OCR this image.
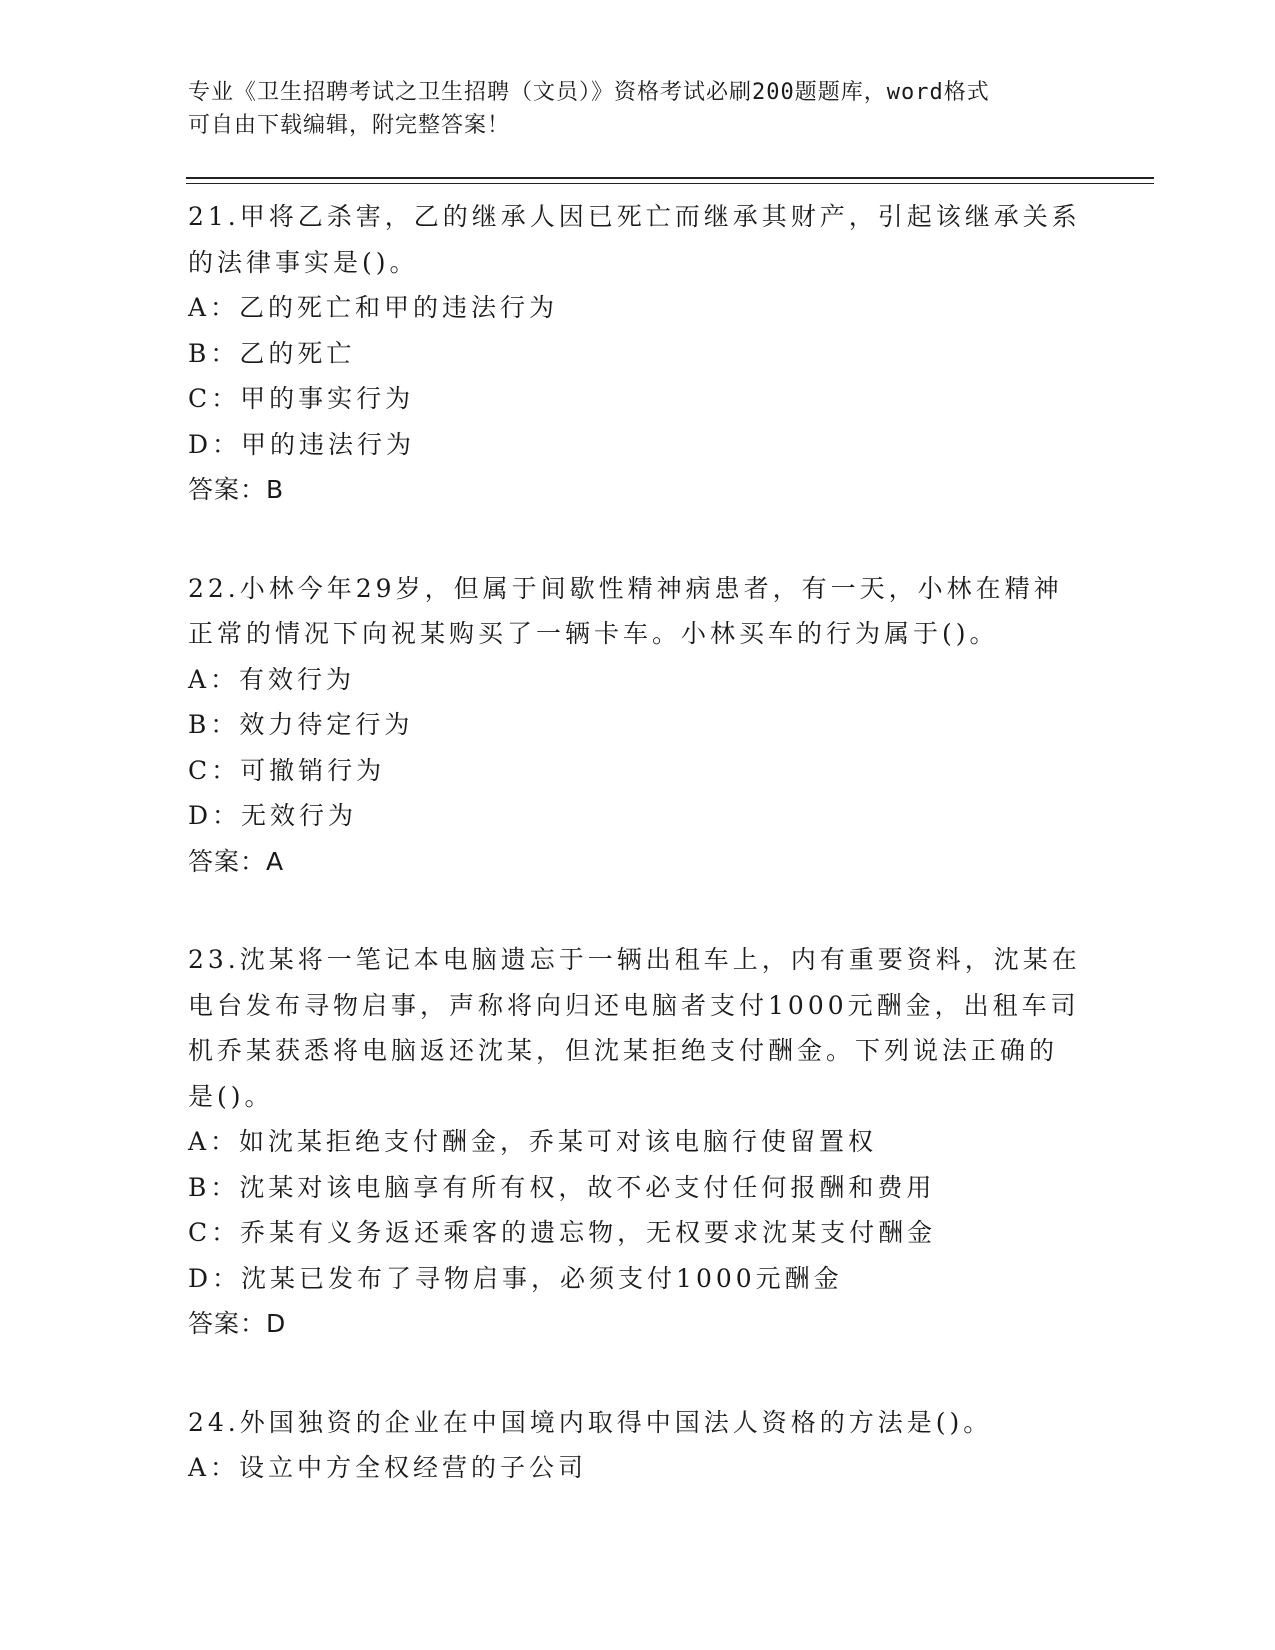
专业《卫生招聘考试之卫生招聘（文员）》资格考试必刷200题题库，word格式
可自由下载编辑，附完整答案！
21.甲将乙杀害，乙的继承人因已死亡而继承其财产，引起该继承关系
的法律事实是()。
A：乙的死亡和甲的违法行为
B：乙的死亡
C：甲的事实行为
D：甲的违法行为
答案：B
22.小林今年29岁，但属于间歇性精神病患者，有一天，小林在精神
正常的情况下向祝某购买了一辆卡车。小林买车的行为属于()。
A：有效行为
B：效力待定行为
C：可撤销行为
D：无效行为
答案：A
23.沈某将一笔记本电脑遗忘于一辆出租车上，内有重要资料，沈某在
电台发布寻物启事，声称将向归还电脑者支付1000元酬金，出租车司
机乔某获悉将电脑返还沈某，但沈某拒绝支付酬金。下列说法正确的
是()。
A：如沈某拒绝支付酬金，乔某可对该电脑行使留置权
B：沈某对该电脑享有所有权，故不必支付任何报酬和费用
C：乔某有义务返还乘客的遗忘物，无权要求沈某支付酬金
D：沈某已发布了寻物启事，必须支付1000元酬金
答案：D
24.外国独资的企业在中国境内取得中国法人资格的方法是()。
A：设立中方全权经营的子公司
